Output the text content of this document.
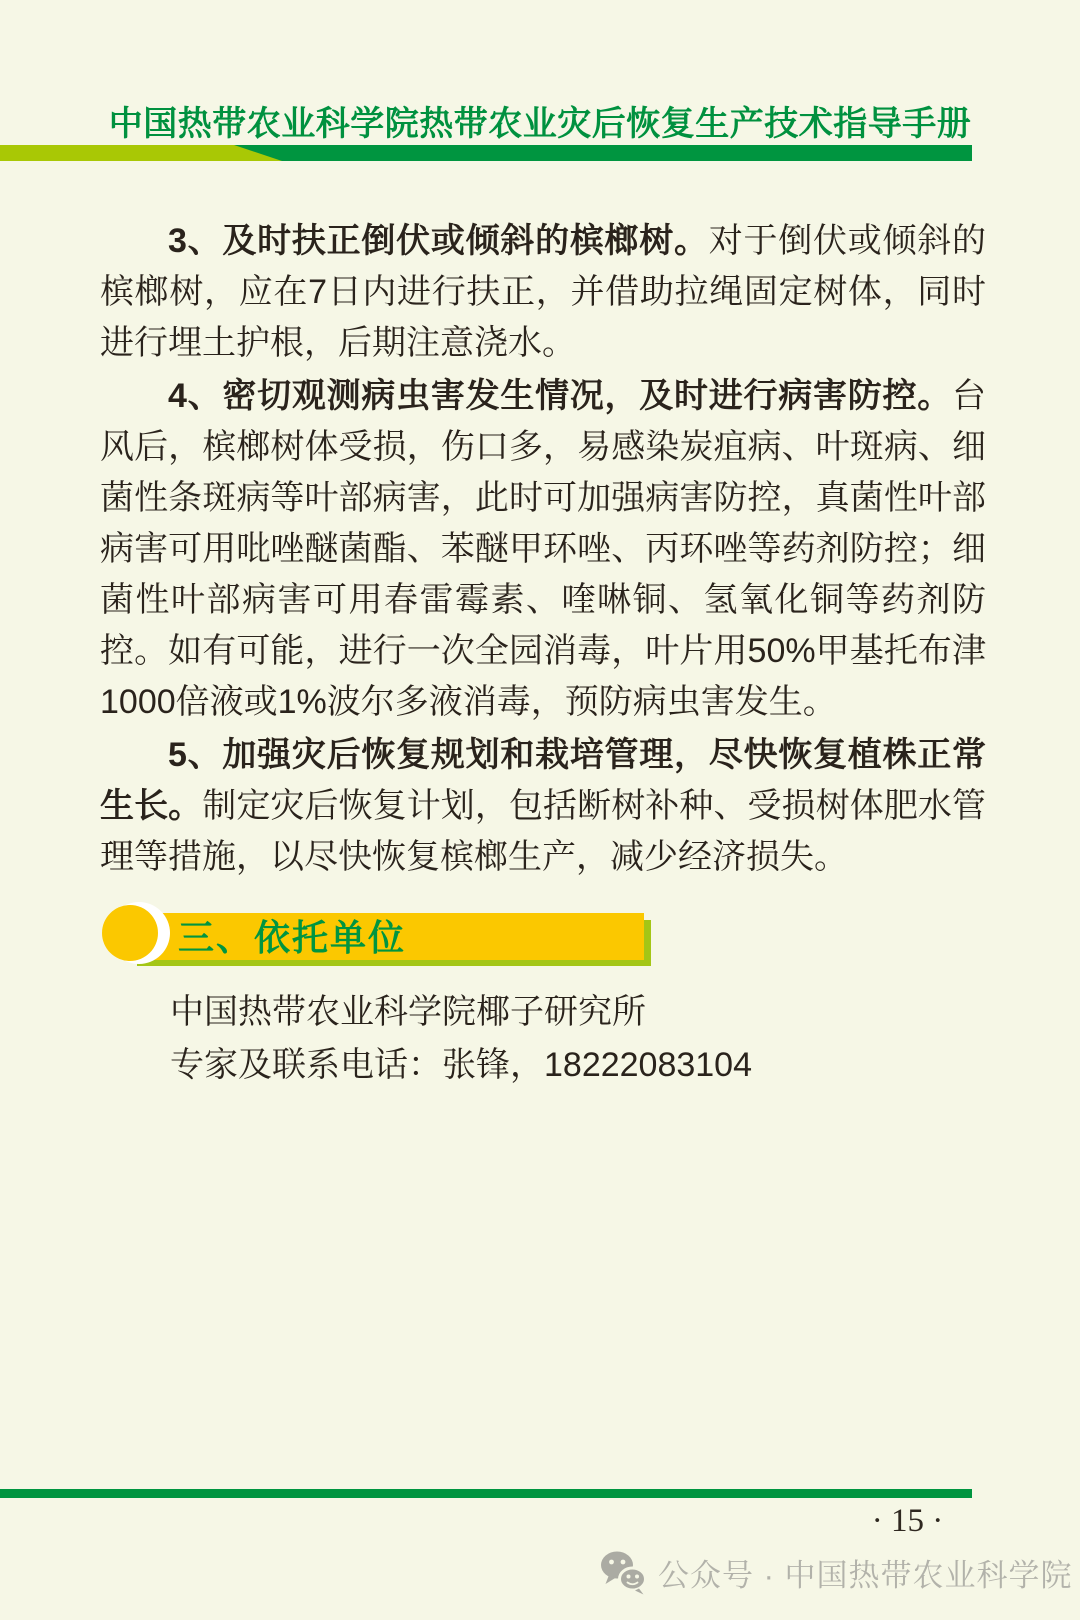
中国热带农业科学院热带农业灾后恢复生产技术指导手册

3、及时扶正倒伏或倾斜的槟榔树。对于倒伏或倾斜的槟榔树，应在7日内进行扶正，并借助拉绳固定树体，同时进行埋土护根，后期注意浇水。

4、密切观测病虫害发生情况，及时进行病害防控。台风后，槟榔树体受损，伤口多，易感染炭疽病、叶斑病、细菌性条斑病等叶部病害，此时可加强病害防控，真菌性叶部病害可用吡唑醚菌酯、苯醚甲环唑、丙环唑等药剂防控；细菌性叶部病害可用春雷霉素、喹啉铜、氢氧化铜等药剂防控。如有可能，进行一次全园消毒，叶片用50%甲基托布津1000倍液或1%波尔多液消毒，预防病虫害发生。

5、加强灾后恢复规划和栽培管理，尽快恢复植株正常生长。制定灾后恢复计划，包括断树补种、受损树体肥水管理等措施，以尽快恢复槟榔生产，减少经济损失。

三、依托单位
中国热带农业科学院椰子研究所
专家及联系电话：张锋，18222083104
· 15 ·
公众号 · 中国热带农业科学院
